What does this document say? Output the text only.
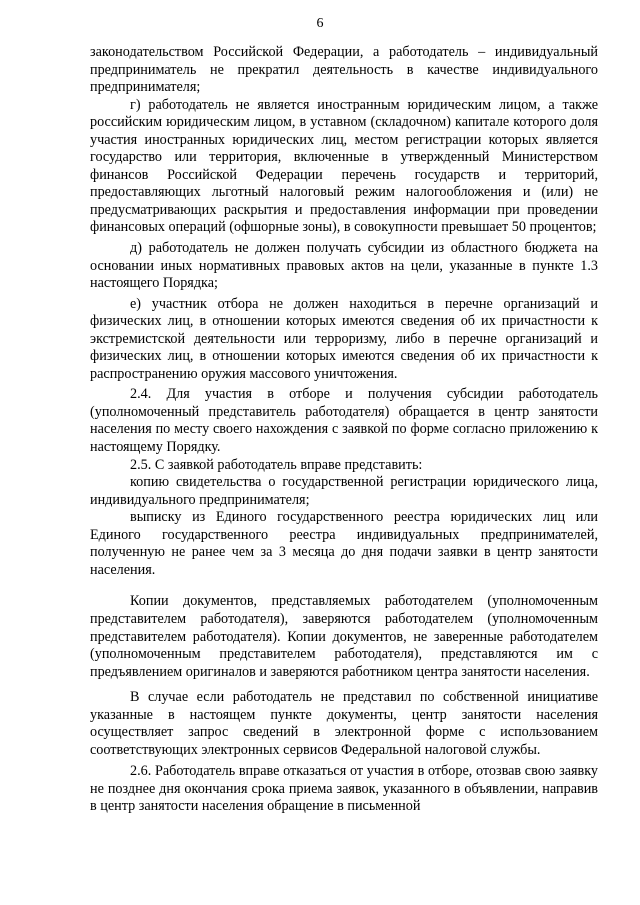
6

законодательством Российской Федерации, а работодатель – индивидуальный предприниматель не прекратил деятельность в качестве индивидуального предпринимателя;

г) работодатель не является иностранным юридическим лицом, а также российским юридическим лицом, в уставном (складочном) капитале которого доля участия иностранных юридических лиц, местом регистрации которых является государство или территория, включенные в утвержденный Министерством финансов Российской Федерации перечень государств и территорий, предоставляющих льготный налоговый режим налогообложения и (или) не предусматривающих раскрытия и предоставления информации при проведении финансовых операций (офшорные зоны), в совокупности превышает 50 процентов;

д) работодатель не должен получать субсидии из областного бюджета на основании иных нормативных правовых актов на цели, указанные в пункте 1.3 настоящего Порядка;

е) участник отбора не должен находиться в перечне организаций и физических лиц, в отношении которых имеются сведения об их причастности к экстремистской деятельности или терроризму, либо в перечне организаций и физических лиц, в отношении которых имеются сведения об их причастности к распространению оружия массового уничтожения.

2.4. Для участия в отборе и получения субсидии работодатель (уполномоченный представитель работодателя) обращается в центр занятости населения по месту своего нахождения с заявкой по форме согласно приложению к настоящему Порядку.

2.5. С заявкой работодатель вправе представить:

копию свидетельства о государственной регистрации юридического лица, индивидуального предпринимателя;

выписку из Единого государственного реестра юридических лиц или Единого государственного реестра индивидуальных предпринимателей, полученную не ранее чем за 3 месяца до дня подачи заявки в центр занятости населения.

Копии документов, представляемых работодателем (уполномоченным представителем работодателя), заверяются работодателем (уполномоченным представителем работодателя). Копии документов, не заверенные работодателем (уполномоченным представителем работодателя), представляются им с предъявлением оригиналов и заверяются работником центра занятости населения.

В случае если работодатель не представил по собственной инициативе указанные в настоящем пункте документы, центр занятости населения осуществляет запрос сведений в электронной форме с использованием соответствующих электронных сервисов Федеральной налоговой службы.

2.6. Работодатель вправе отказаться от участия в отборе, отозвав свою заявку не позднее дня окончания срока приема заявок, указанного в объявлении, направив в центр занятости населения обращение в письменной
